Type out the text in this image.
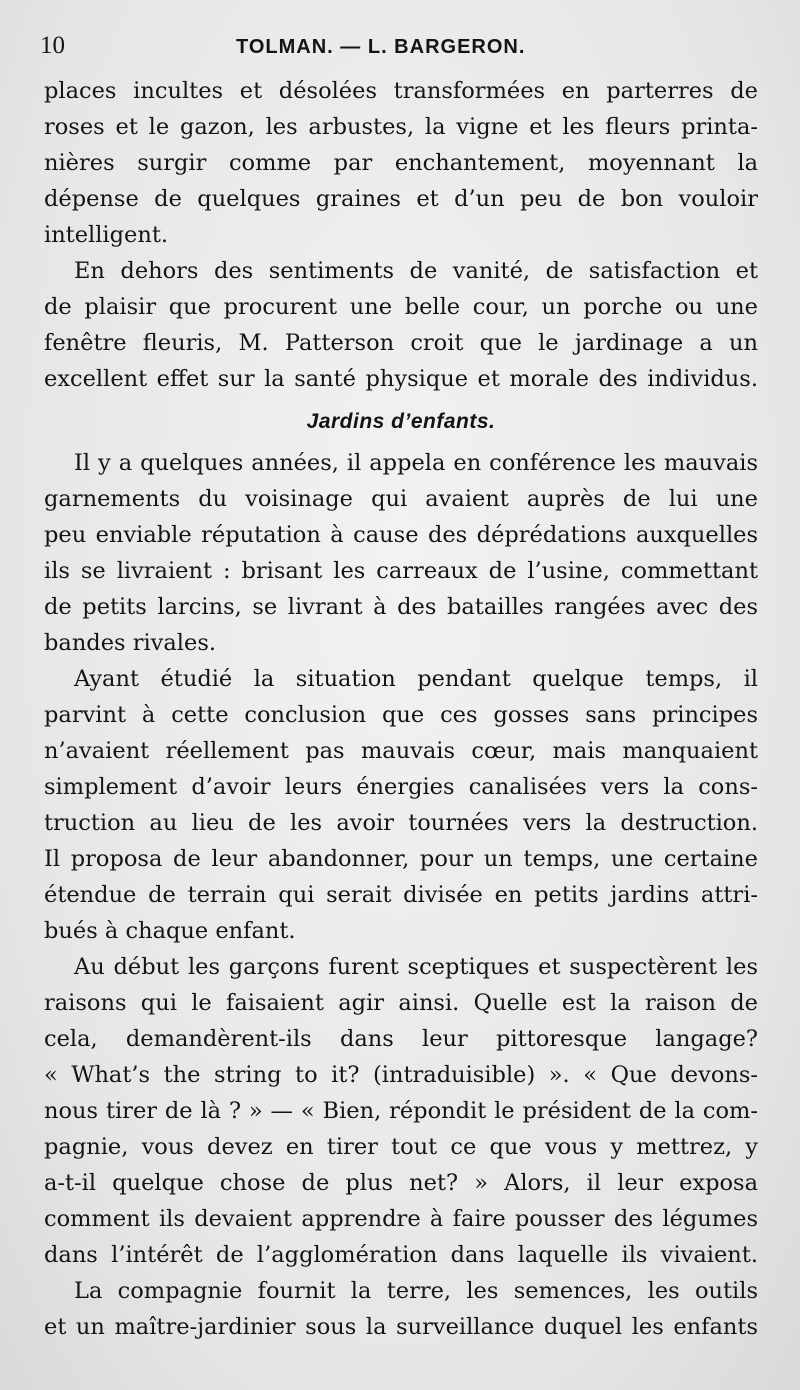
10	TOLMAN. — L. BARGERON.

places incultes et désolées transformées en parterres de
roses et le gazon, les arbustes, la vigne et les fleurs printa-
nières surgir comme par enchantement, moyennant la
dépense de quelques graines et d’un peu de bon vouloir
intelligent.

En dehors des sentiments de vanité, de satisfaction et
de plaisir que procurent une belle cour, un porche ou une
fenêtre fleuris, M. Patterson croit que le jardinage a un
excellent effet sur la santé physique et morale des individus.

Jardins d’enfants.

Il y a quelques années, il appela en conférence les mauvais
garnements du voisinage qui avaient auprès de lui une
peu enviable réputation à cause des déprédations auxquelles
ils se livraient : brisant les carreaux de l’usine, commettant
de petits larcins, se livrant à des batailles rangées avec des
bandes rivales.

Ayant étudié la situation pendant quelque temps, il
parvint à cette conclusion que ces gosses sans principes
n’avaient réellement pas mauvais cœur, mais manquaient
simplement d’avoir leurs énergies canalisées vers la cons-
truction au lieu de les avoir tournées vers la destruction.
Il proposa de leur abandonner, pour un temps, une certaine
étendue de terrain qui serait divisée en petits jardins attri-
bués à chaque enfant.

Au début les garçons furent sceptiques et suspectèrent les
raisons qui le faisaient agir ainsi. Quelle est la raison de
cela, demandèrent-ils dans leur pittoresque langage?
« What’s the string to it? (intraduisible) ». « Que devons-
nous tirer de là ? » — « Bien, répondit le président de la com-
pagnie, vous devez en tirer tout ce que vous y mettrez, y
a-t-il quelque chose de plus net? » Alors, il leur exposa
comment ils devaient apprendre à faire pousser des légumes
dans l’intérêt de l’agglomération dans laquelle ils vivaient.

La compagnie fournit la terre, les semences, les outils
et un maître-jardinier sous la surveillance duquel les enfants
